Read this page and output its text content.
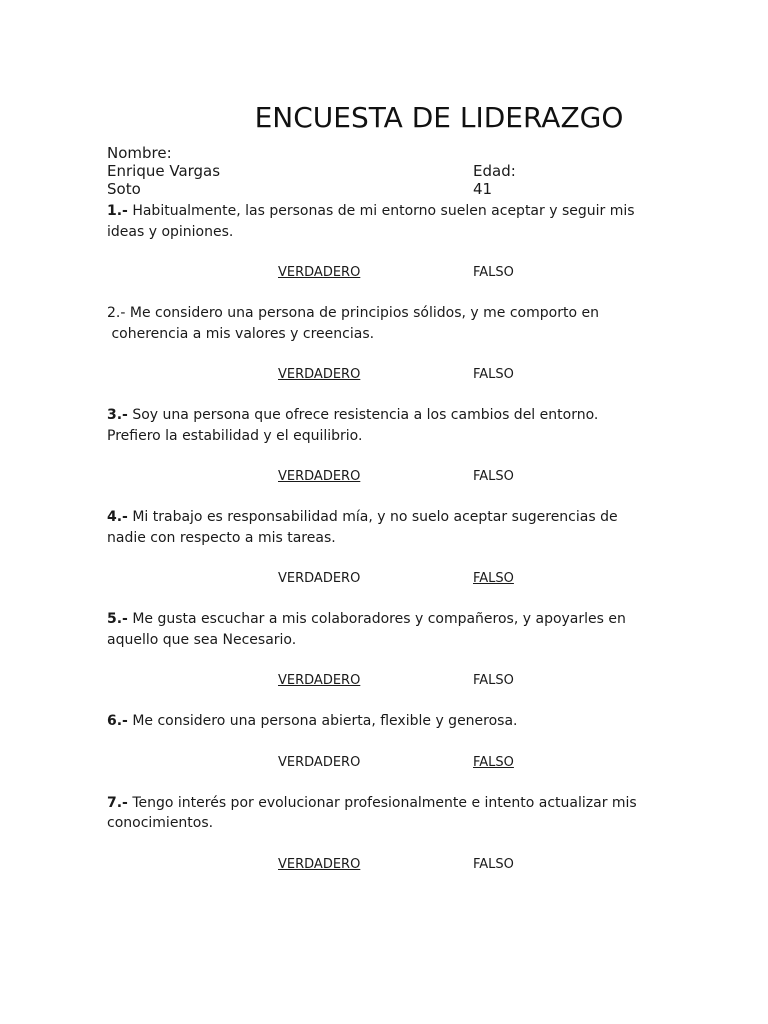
ENCUESTA DE LIDERAZGO
Nombre:
Enrique Vargas	Edad:
Soto	41
1.- Habitualmente, las personas de mi entorno suelen aceptar y seguir mis
ideas y opiniones.
VERDADERO	FALSO
2.- Me considero una persona de principios sólidos, y me comporto en
coherencia a mis valores y creencias.
VERDADERO	FALSO
3.- Soy una persona que ofrece resistencia a los cambios del entorno.
Prefiero la estabilidad y el equilibrio.
VERDADERO	FALSO
4.- Mi trabajo es responsabilidad mía, y no suelo aceptar sugerencias de
nadie con respecto a mis tareas.
VERDADERO	FALSO
5.- Me gusta escuchar a mis colaboradores y compañeros, y apoyarles en
aquello que sea Necesario.
VERDADERO	FALSO
6.- Me considero una persona abierta, flexible y generosa.
VERDADERO	FALSO
7.- Tengo interés por evolucionar profesionalmente e intento actualizar mis
conocimientos.
VERDADERO	FALSO
